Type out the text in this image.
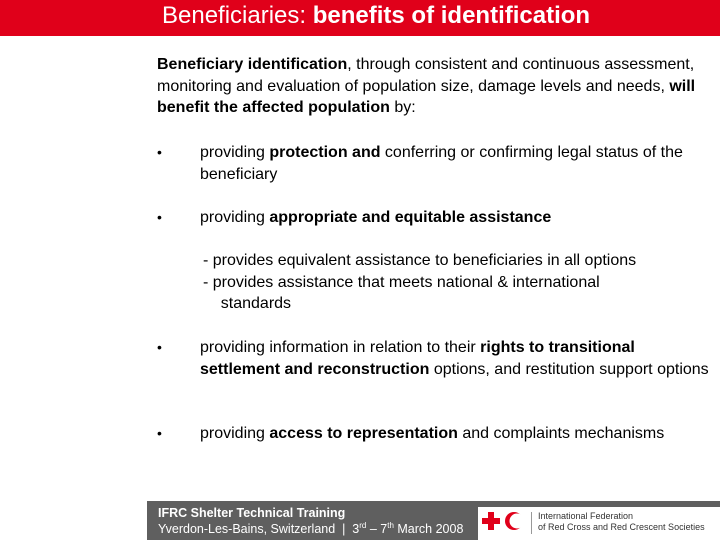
Beneficiaries: benefits of identification
Beneficiary identification, through consistent and continuous assessment, monitoring and evaluation of population size, damage levels and needs, will benefit the affected population by:
•	providing protection and conferring or confirming legal status of the beneficiary
•	providing appropriate and equitable assistance
- provides equivalent assistance to beneficiaries in all options
- provides assistance that meets national & international
standards
•	providing information in relation to their rights to transitional settlement and reconstruction options, and restitution support options
•	providing access to representation and complaints mechanisms
IFRC Shelter Technical Training
Yverdon-Les-Bains, Switzerland  |  3rd – 7th March 2008
International Federation
of Red Cross and Red Crescent Societies
